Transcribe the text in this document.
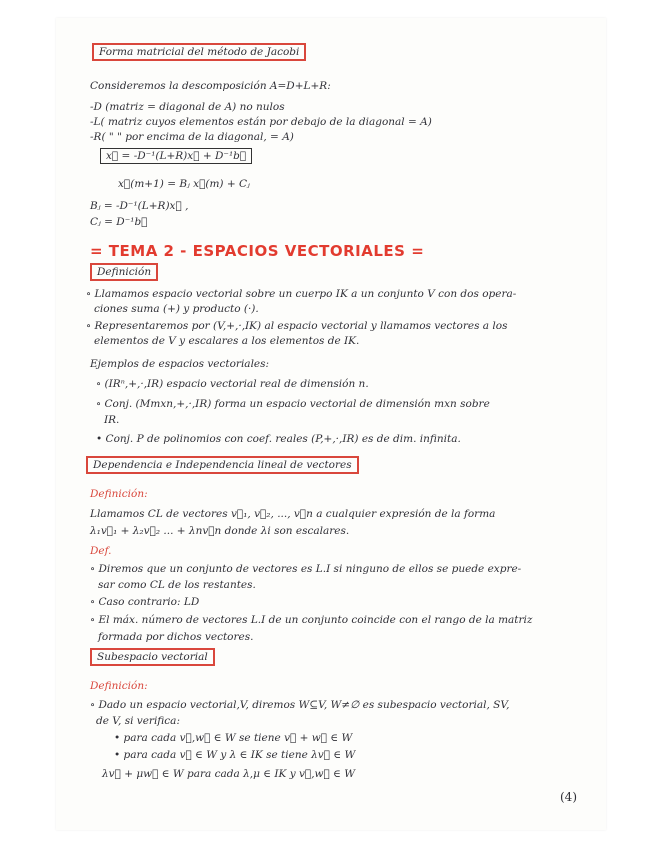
Forma matricial del método de Jacobi
Consideremos la descomposición A=D+L+R:
-D (matriz = diagonal de A) no nulos
-L( matriz cuyos elementos están por debajo de la diagonal = A)
-R( " " por encima de la diagonal, = A)
x⃗ = -D⁻¹(L+R)x⃗ + D⁻¹b⃗
x⃗(m+1) = Bⱼ x⃗(m) + Cⱼ
Bⱼ = -D⁻¹(L+R)x⃗ ,
Cⱼ = D⁻¹b⃗
= TEMA 2 - ESPACIOS VECTORIALES =
Definición
∘ Llamamos espacio vectorial sobre un cuerpo IK a un conjunto V con dos opera-
ciones suma (+) y producto (·).
∘ Representaremos por (V,+,·,IK) al espacio vectorial y llamamos vectores a los
elementos de V y escalares a los elementos de IK.
Ejemplos de espacios vectoriales:
∘ (IRⁿ,+,·,IR) espacio vectorial real de dimensión n.
∘ Conj. (Mmxn,+,·,IR) forma un espacio vectorial de dimensión mxn sobre
IR.
• Conj. P de polinomios con coef. reales (P,+,·,IR) es de dim. infinita.
Dependencia e Independencia lineal de vectores
Definición:
Llamamos CL de vectores v⃗₁, v⃗₂, ..., v⃗n a cualquier expresión de la forma
λ₁v⃗₁ + λ₂v⃗₂ ... + λnv⃗n donde λi son escalares.
Def.
∘ Diremos que un conjunto de vectores es L.I si ninguno de ellos se puede expre-
sar como CL de los restantes.
∘ Caso contrario: LD
∘ El máx. número de vectores L.I de un conjunto coincide con el rango de la matriz
formada por dichos vectores.
Subespacio vectorial
Definición:
∘ Dado un espacio vectorial,V, diremos W⊆V, W≠∅ es subespacio vectorial, SV,
de V, si verifica:
• para cada v⃗,w⃗ ∈ W se tiene v⃗ + w⃗ ∈ W
• para cada v⃗ ∈ W y λ ∈ IK se tiene λv⃗ ∈ W
λv⃗ + μw⃗ ∈ W para cada λ,μ ∈ IK y v⃗,w⃗ ∈ W
(4)
